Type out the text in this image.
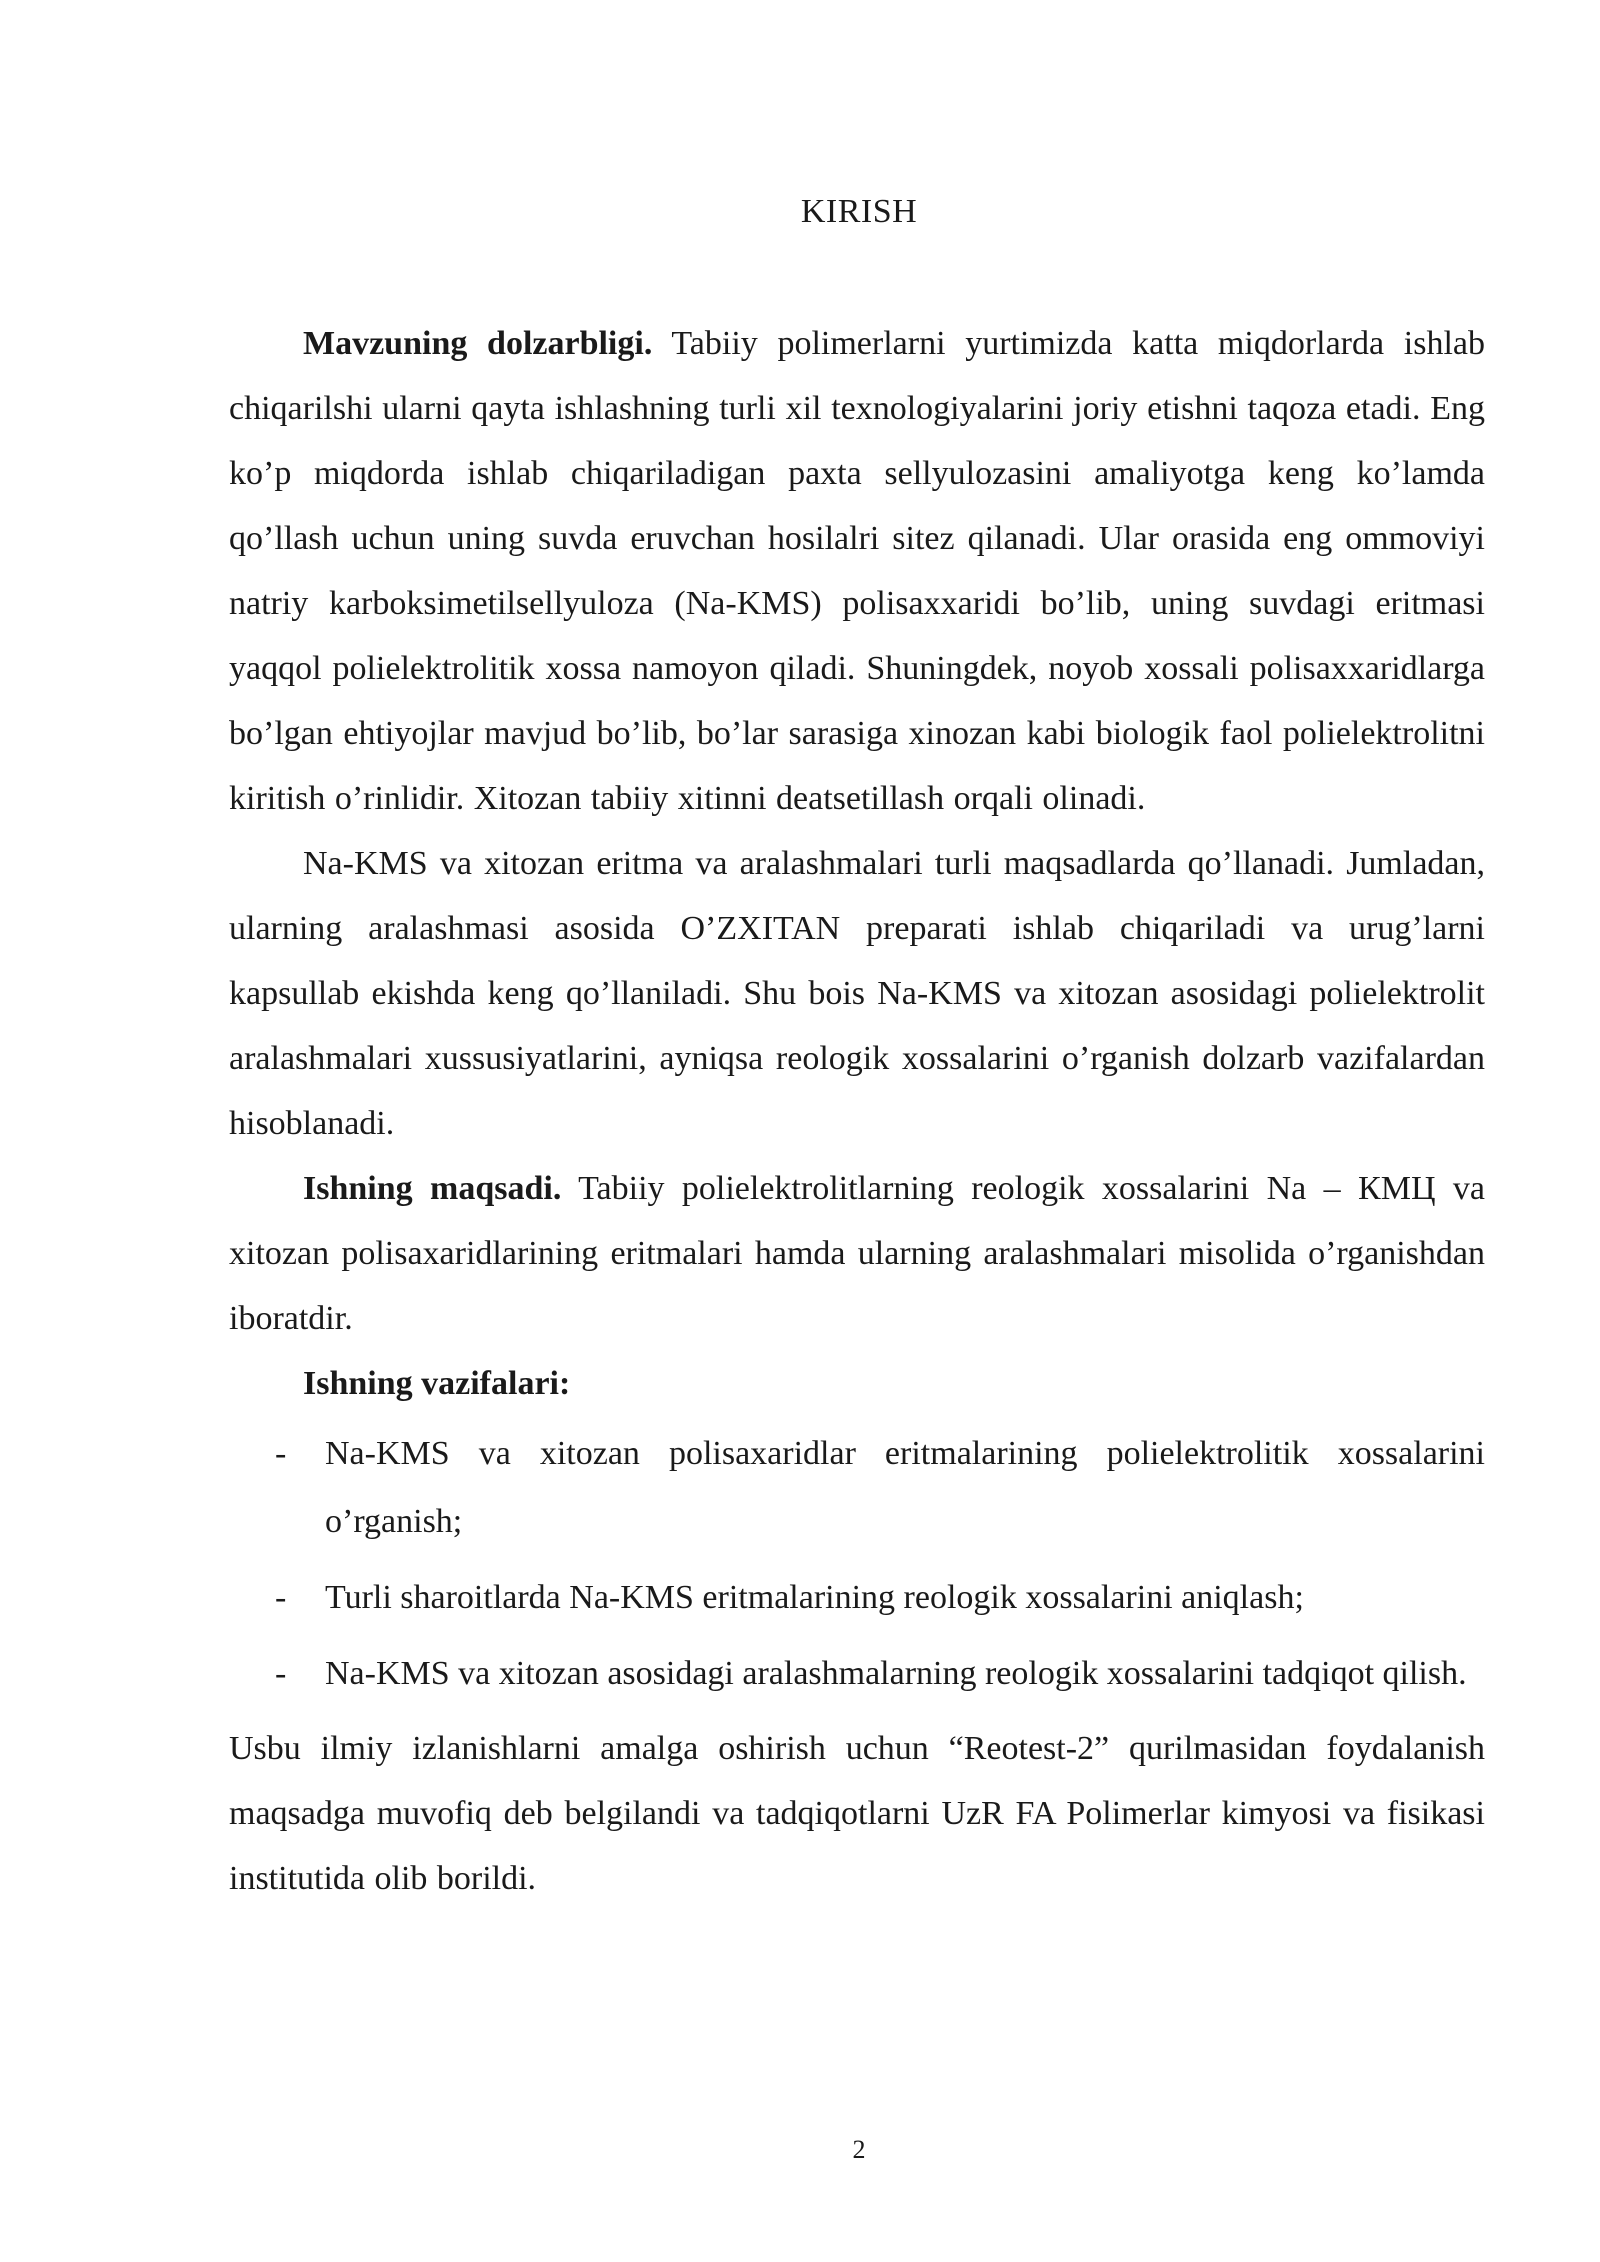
KIRISH

Mavzuning dolzarbligi. Tabiiy polimerlarni yurtimizda katta miqdorlarda ishlab chiqarilshi ularni qayta ishlashning turli xil texnologiyalarini joriy etishni taqoza etadi. Eng ko’p miqdorda ishlab chiqariladigan paxta sellyulozasini amaliyotga keng ko’lamda qo’llash uchun uning suvda eruvchan hosilalri sitez qilanadi. Ular orasida eng ommoviyi natriy karboksimetilsellyuloza (Na-KMS) polisaxxaridi bo’lib, uning suvdagi eritmasi yaqqol polielektrolitik xossa namoyon qiladi. Shuningdek, noyob xossali polisaxxaridlarga bo’lgan ehtiyojlar mavjud bo’lib, bo’lar sarasiga xinozan kabi biologik faol polielektrolitni kiritish o’rinlidir. Xitozan tabiiy xitinni deatsetillash orqali olinadi.

Na-KMS va xitozan eritma va aralashmalari turli maqsadlarda qo’llanadi. Jumladan, ularning aralashmasi asosida O’ZXITAN preparati ishlab chiqariladi va urug’larni kapsullab ekishda keng qo’llaniladi. Shu bois Na-KMS va xitozan asosidagi polielektrolit aralashmalari xussusiyatlarini, ayniqsa reologik xossalarini o’rganish dolzarb vazifalardan hisoblanadi.

Ishning maqsadi. Tabiiy polielektrolitlarning reologik xossalarini Na – КМЦ va xitozan polisaxaridlarining eritmalari hamda ularning aralashmalari misolida o’rganishdan iboratdir.

Ishning vazifalari:

- Na-KMS va xitozan polisaxaridlar eritmalarining polielektrolitik xossalarini o’rganish;
- Turli sharoitlarda Na-KMS eritmalarining reologik xossalarini aniqlash;
- Na-KMS va xitozan asosidagi aralashmalarning reologik xossalarini tadqiqot qilish.

Usbu ilmiy izlanishlarni amalga oshirish uchun “Reotest-2” qurilmasidan foydalanish maqsadga muvofiq deb belgilandi va tadqiqotlarni UzR FA Polimerlar kimyosi va fisikasi institutida olib borildi.

2
